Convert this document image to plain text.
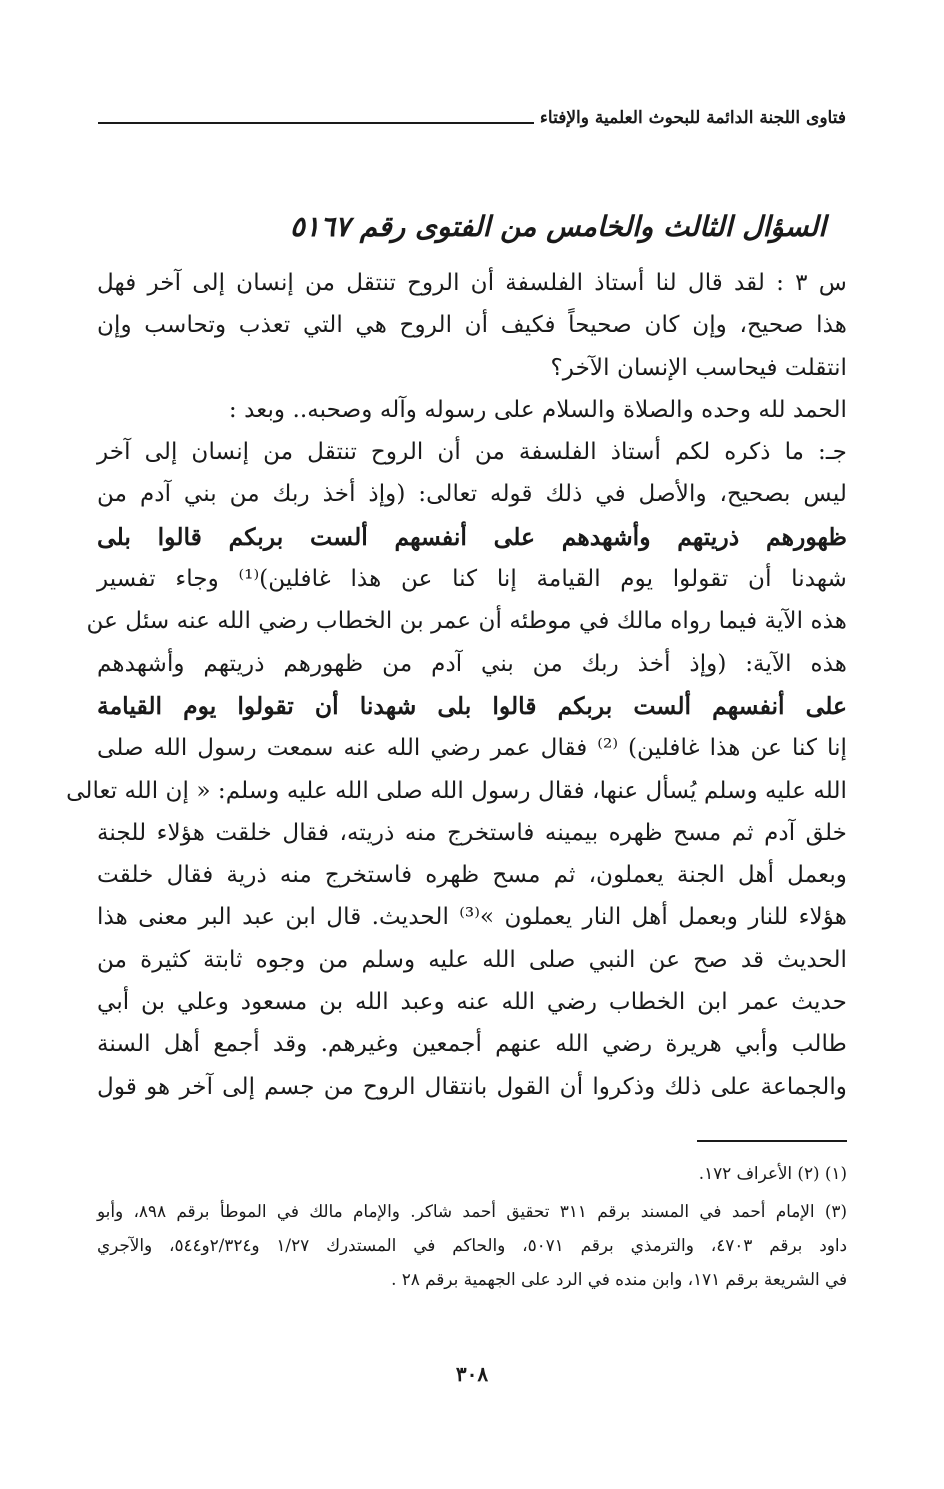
فتاوى اللجنة الدائمة للبحوث العلمية والإفتاء
السؤال الثالث والخامس من الفتوى رقم ٥١٦٧
س ٣ : لقد قال لنا أستاذ الفلسفة أن الروح تنتقل من إنسان إلى آخر فهل
هذا صحيح، وإن كان صحيحاً فكيف أن الروح هي التي تعذب وتحاسب وإن
انتقلت فيحاسب الإنسان الآخر؟
الحمد لله وحده والصلاة والسلام على رسوله وآله وصحبه.. وبعد :
جـ: ما ذكره لكم أستاذ الفلسفة من أن الروح تنتقل من إنسان إلى آخر
ليس بصحيح، والأصل في ذلك قوله تعالى: (وإذ أخذ ربك من بني آدم من
ظهورهم ذريتهم وأشهدهم على أنفسهم ألست بربكم قالوا بلى
شهدنا أن تقولوا يوم القيامة إنا كنا عن هذا غافلين)⁽¹⁾ وجاء تفسير
هذه الآية فيما رواه مالك في موطئه أن عمر بن الخطاب رضي الله عنه سئل عن
هذه الآية: (وإذ أخذ ربك من بني آدم من ظهورهم ذريتهم وأشهدهم
على أنفسهم ألست بربكم قالوا بلى شهدنا أن تقولوا يوم القيامة
إنا كنا عن هذا غافلين) ⁽²⁾ فقال عمر رضي الله عنه سمعت رسول الله صلى
الله عليه وسلم يُسأل عنها، فقال رسول الله صلى الله عليه وسلم: « إن الله تعالى
خلق آدم ثم مسح ظهره بيمينه فاستخرج منه ذريته، فقال خلقت هؤلاء للجنة
وبعمل أهل الجنة يعملون، ثم مسح ظهره فاستخرج منه ذرية فقال خلقت
هؤلاء للنار وبعمل أهل النار يعملون »⁽³⁾ الحديث. قال ابن عبد البر معنى هذا
الحديث قد صح عن النبي صلى الله عليه وسلم من وجوه ثابتة كثيرة من
حديث عمر ابن الخطاب رضي الله عنه وعبد الله بن مسعود وعلي بن أبي
طالب وأبي هريرة رضي الله عنهم أجمعين وغيرهم. وقد أجمع أهل السنة
والجماعة على ذلك وذكروا أن القول بانتقال الروح من جسم إلى آخر هو قول
(١) (٢) الأعراف ١٧٢.
(٣) الإمام أحمد في المسند برقم ٣١١ تحقيق أحمد شاكر. والإمام مالك في الموطأ برقم ٨٩٨، وأبو
داود برقم ٤٧٠٣، والترمذي برقم ٥٠٧١، والحاكم في المستدرك ١/٢٧ و٢/٣٢٤و٥٤٤، والآجري
في الشريعة برقم ١٧١، وابن منده في الرد على الجهمية برقم ٢٨ .
٣٠٨
